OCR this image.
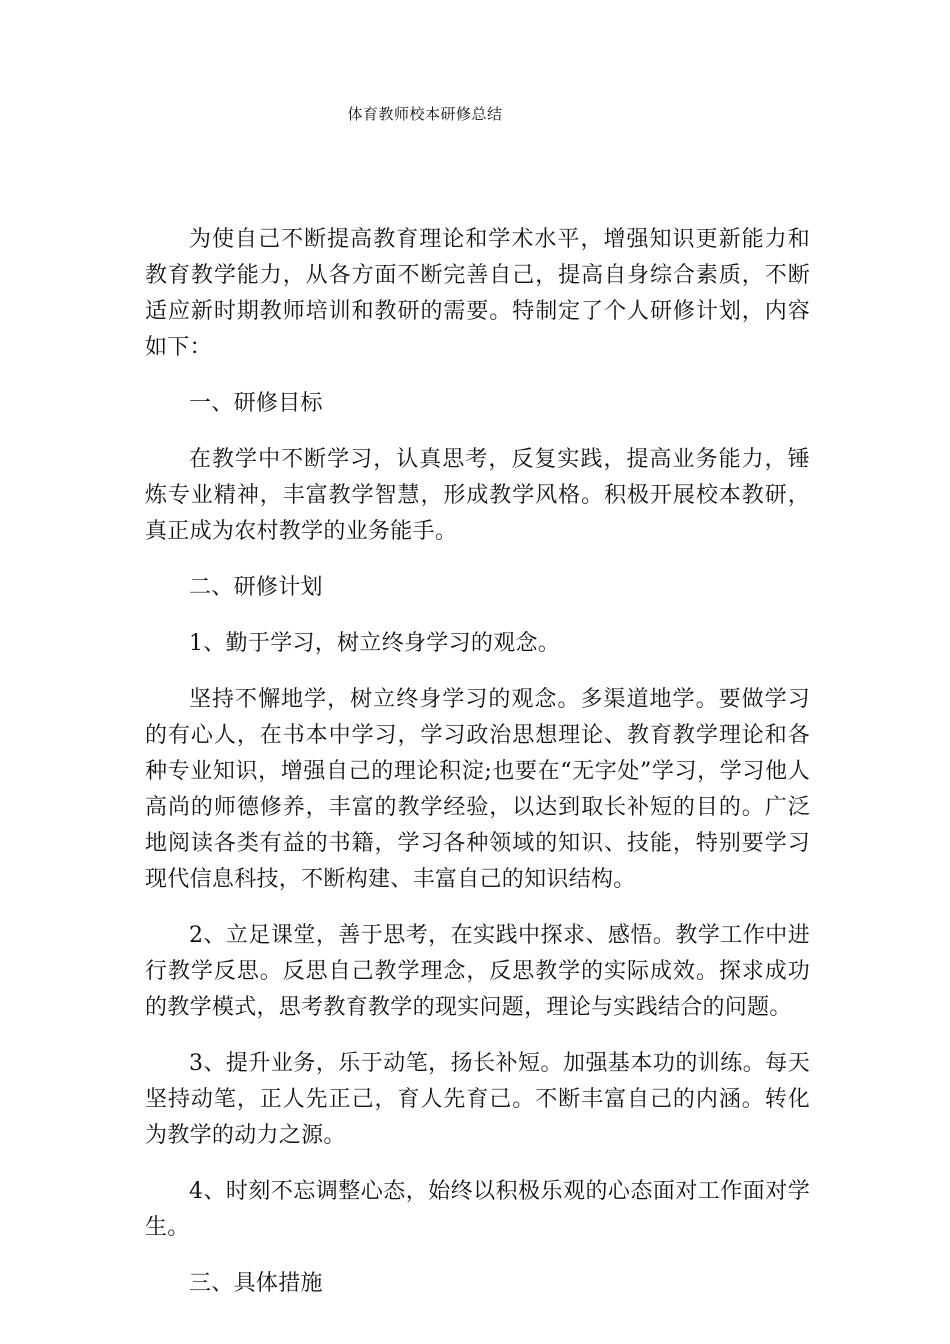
体育教师校本研修总结

为使自己不断提高教育理论和学术水平，增强知识更新能力和教育教学能力，从各方面不断完善自己，提高自身综合素质，不断适应新时期教师培训和教研的需要。特制定了个人研修计划，内容如下：

一、研修目标

在教学中不断学习，认真思考，反复实践，提高业务能力，锤炼专业精神，丰富教学智慧，形成教学风格。积极开展校本教研，真正成为农村教学的业务能手。

二、研修计划

1、勤于学习，树立终身学习的观念。

坚持不懈地学，树立终身学习的观念。多渠道地学。要做学习的有心人，在书本中学习，学习政治思想理论、教育教学理论和各种专业知识，增强自己的理论积淀;也要在“无字处”学习，学习他人高尚的师德修养，丰富的教学经验，以达到取长补短的目的。广泛地阅读各类有益的书籍，学习各种领域的知识、技能，特别要学习现代信息科技，不断构建、丰富自己的知识结构。

2、立足课堂，善于思考，在实践中探求、感悟。教学工作中进行教学反思。反思自己教学理念，反思教学的实际成效。探求成功的教学模式，思考教育教学的现实问题，理论与实践结合的问题。

3、提升业务，乐于动笔，扬长补短。加强基本功的训练。每天坚持动笔，正人先正己，育人先育己。不断丰富自己的内涵。转化为教学的动力之源。

4、时刻不忘调整心态，始终以积极乐观的心态面对工作面对学生。

三、具体措施
